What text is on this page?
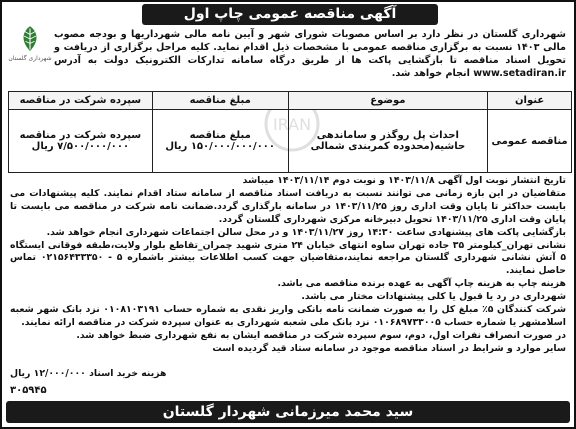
آگهی مناقصه عمومی چاپ اول
شهرداری گلستان
شهرداری گلستان در نظر دارد بر اساس مصوبات شورای شهر و آیین نامه مالی شهرداریها و بودجه مصوب مالی ۱۴۰۳ نسبت به برگزاری مناقصه عمومی با مشخصات ذیل اقدام نماید. کلیه مراحل برگزاری از دریافت و تحویل اسناد مناقصه تا بازگشایی پاکت ها از طریق درگاه سامانه تدارکات الکترونیک دولت به آدرس www.setadiran.ir انجام خواهد شد.
IRAN
عنوان	موضوع	مبلغ مناقصه	سپرده شرکت در مناقصه
مناقصه عمومی	احداث پل روگذر و ساماندهی حاشیه(محدوده کمربندی شمالی	مبلغ مناقصه ۱۵۰/۰۰۰/۰۰۰/۰۰۰ ریال	سپرده شرکت در مناقصه ۷/۵۰۰/۰۰۰/۰۰۰ ریال

تاریخ انتشار نوبت اول آگهی ۱۴۰۳/۱۱/۸ و نوبت دوم ۱۴۰۳/۱۱/۱۴ میباشد

متقاضیان در این بازه زمانی می توانند نسبت به دریافت اسناد مناقصه از سامانه ستاد اقدام نمایند. کلیه پیشنهادات می بایست حداکثر تا پایان وقت اداری روز ۱۴۰۳/۱۱/۲۵ در سامانه بارگذاری گردد.ضمانت نامه شرکت در مناقصه می بایست تا پایان وقت اداری ۱۴۰۳/۱۱/۲۵ تحویل دبیرخانه مرکزی شهرداری گلستان گردد.

بازگشایی پاکت های پیشنهادی ساعت ۱۴:۳۰ روز ۱۴۰۳/۱۱/۲۷ و در محل سالن اجتماعات شهرداری انجام خواهد شد.

نشانی تهران_کیلومتر ۳۵ جاده تهران ساوه انتهای خیابان ۲۴ متری شهید چمران_تقاطع بلوار ولایت،طبقه فوقانی ایستگاه ۵ آتش نشانی شهرداری گلستان مراجعه نمایند،متقاضیان جهت کسب اطلاعات بیشتر باشماره ۵ - ۰۲۱۵۶۴۳۳۳۵۰ تماس حاصل نمایند.

هزینه چاپ به هزینه چاپ آگهی به عهده برنده مناقصه می باشد.

شهرداری در رد یا قبول یا کلی پیشنهادات مختار می باشد.

شرکت کنندگان ۵٪ مبلغ کل را به صورت ضمانت نامه بانکی واریز نقدی به شماره حساب ۰۱۰۸۱۰۳۱۹۱ نزد بانک شهر شعبه اسلامشهر یا شماره حساب ۰۱۰۶۸۹۷۳۳۰۰۵ نزد بانک ملی شعبه شهرداری به عنوان سپرده شرکت در مناقصه ارائه نمایند.

در صورت انصراف نفرات اول، دوم، سوم سپرده شرکت در مناقصه ایشان به نفع شهرداری ضبط خواهد شد.

سایر موارد و شرایط در اسناد مناقصه موجود در سامانه ستاد قید گردیده است

هزینه خرید اسناد ۱۲/۰۰۰/۰۰۰ ریال
۳۰۵۹۴۵
سید محمد میرزمانی شهردار گلستان
